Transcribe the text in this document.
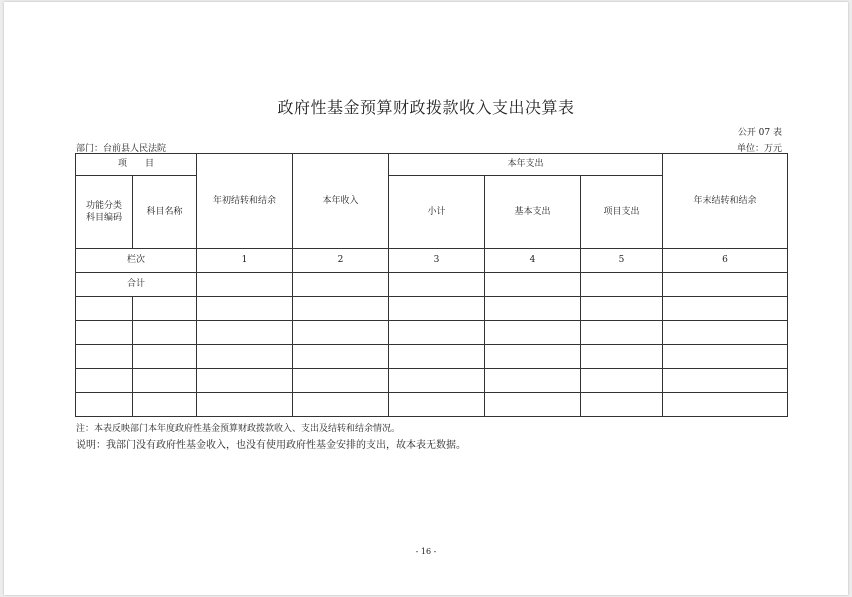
政府性基金预算财政拨款收入支出决算表
公开 07 表
部门：台前县人民法院	单位：万元
项　　目		年初结转和结余	本年收入	本年支出			年末结转和结余
功能分类科目编码	科目名称			小计	基本支出	项目支出	
栏次		1	2	3	4	5	6
合计							

注：本表反映部门本年度政府性基金预算财政拨款收入、支出及结转和结余情况。
说明：我部门没有政府性基金收入，也没有使用政府性基金安排的支出，故本表无数据。
- 16 -
